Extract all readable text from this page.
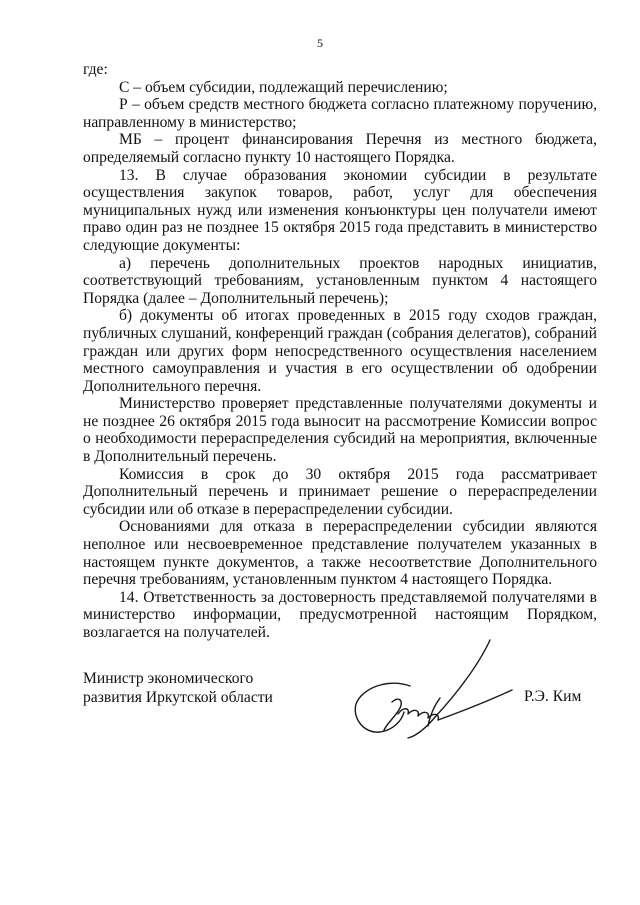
5

где:

С – объем субсидии, подлежащий перечислению;

Р – объем средств местного бюджета согласно платежному поручению, направленному в министерство;

МБ – процент финансирования Перечня из местного бюджета, определяемый согласно пункту 10 настоящего Порядка.

13. В случае образования экономии субсидии в результате осуществления закупок товаров, работ, услуг для обеспечения муниципальных нужд или изменения конъюнктуры цен получатели имеют право один раз не позднее 15 октября 2015 года представить в министерство следующие документы:

а) перечень дополнительных проектов народных инициатив, соответствующий требованиям, установленным пунктом 4 настоящего Порядка (далее – Дополнительный перечень);

б) документы об итогах проведенных в 2015 году сходов граждан, публичных слушаний, конференций граждан (собрания делегатов), собраний граждан или других форм непосредственного осуществления населением местного самоуправления и участия в его осуществлении об одобрении Дополнительного перечня.

Министерство проверяет представленные получателями документы и не позднее 26 октября 2015 года выносит на рассмотрение Комиссии вопрос о необходимости перераспределения субсидий на мероприятия, включенные в Дополнительный перечень.

Комиссия в срок до 30 октября 2015 года рассматривает Дополнительный перечень и принимает решение о перераспределении субсидии или об отказе в перераспределении субсидии.

Основаниями для отказа в перераспределении субсидии являются неполное или несвоевременное представление получателем указанных в настоящем пункте документов, а также несоответствие Дополнительного перечня требованиям, установленным пунктом 4 настоящего Порядка.

14. Ответственность за достоверность представляемой получателями в министерство информации, предусмотренной настоящим Порядком, возлагается на получателей.

Министр экономического
развития Иркутской области	Р.Э. Ким
